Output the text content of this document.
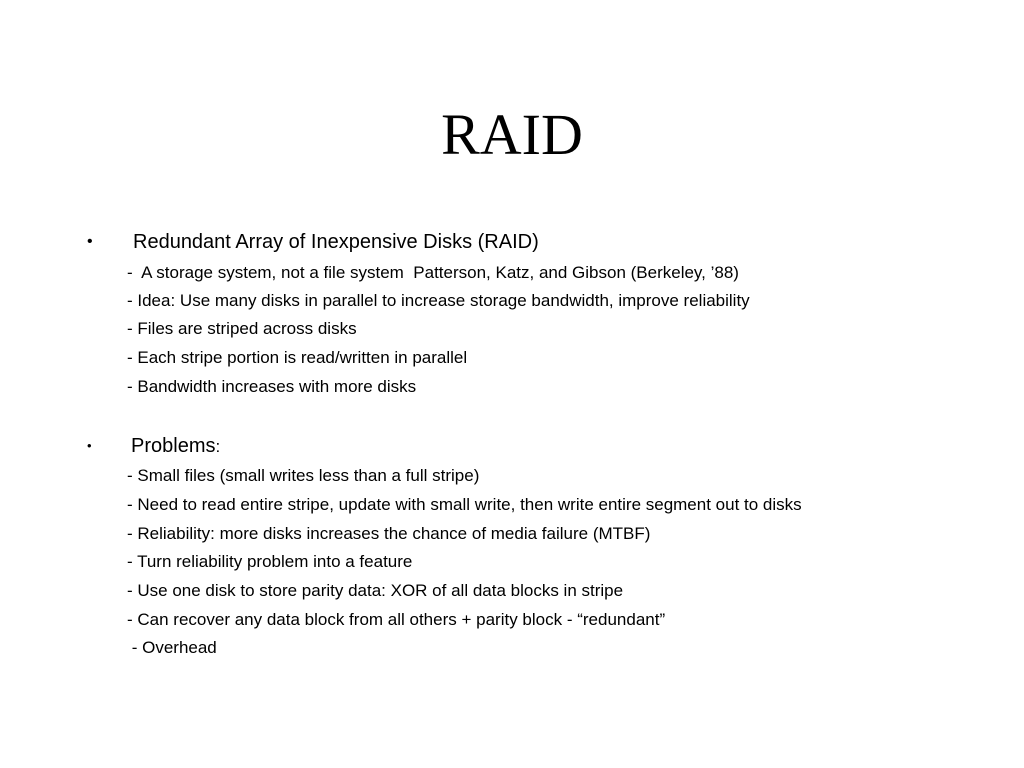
RAID
• Redundant Array of Inexpensive Disks (RAID)
-  A storage system, not a file system  Patterson, Katz, and Gibson (Berkeley, ’88)
- Idea: Use many disks in parallel to increase storage bandwidth, improve reliability
- Files are striped across disks
- Each stripe portion is read/written in parallel
- Bandwidth increases with more disks
• Problems:
- Small files (small writes less than a full stripe)
- Need to read entire stripe, update with small write, then write entire segment out to disks
- Reliability: more disks increases the chance of media failure (MTBF)
- Turn reliability problem into a feature
- Use one disk to store parity data: XOR of all data blocks in stripe
- Can recover any data block from all others + parity block - “redundant”
- Overhead
